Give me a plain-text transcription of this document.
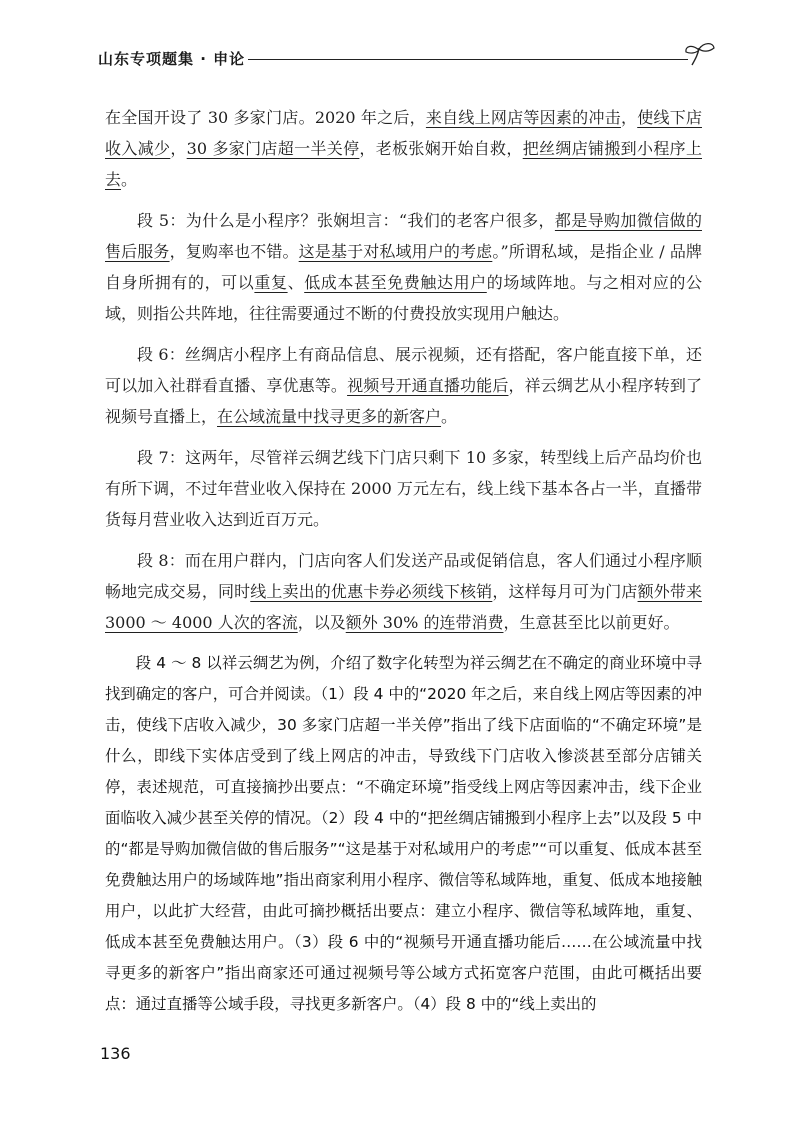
山东专项题集 · 申论

在全国开设了 30 多家门店。2020 年之后，来自线上网店等因素的冲击，使线下店收入减少，30 多家门店超一半关停，老板张娴开始自救，把丝绸店铺搬到小程序上去。

段 5：为什么是小程序？张娴坦言：“我们的老客户很多，都是导购加微信做的售后服务，复购率也不错。这是基于对私域用户的考虑。”所谓私域，是指企业 / 品牌自身所拥有的，可以重复、低成本甚至免费触达用户的场域阵地。与之相对应的公域，则指公共阵地，往往需要通过不断的付费投放实现用户触达。

段 6：丝绸店小程序上有商品信息、展示视频，还有搭配，客户能直接下单，还可以加入社群看直播、享优惠等。视频号开通直播功能后，祥云绸艺从小程序转到了视频号直播上，在公域流量中找寻更多的新客户。

段 7：这两年，尽管祥云绸艺线下门店只剩下 10 多家，转型线上后产品均价也有所下调，不过年营业收入保持在 2000 万元左右，线上线下基本各占一半，直播带货每月营业收入达到近百万元。

段 8：而在用户群内，门店向客人们发送产品或促销信息，客人们通过小程序顺畅地完成交易，同时线上卖出的优惠卡券必须线下核销，这样每月可为门店额外带来 3000 ～ 4000 人次的客流，以及额外 30% 的连带消费，生意甚至比以前更好。

段 4 ～ 8 以祥云绸艺为例，介绍了数字化转型为祥云绸艺在不确定的商业环境中寻找到确定的客户，可合并阅读。（1）段 4 中的“2020 年之后，来自线上网店等因素的冲击，使线下店收入减少，30 多家门店超一半关停”指出了线下店面临的“不确定环境”是什么，即线下实体店受到了线上网店的冲击，导致线下门店收入惨淡甚至部分店铺关停，表述规范，可直接摘抄出要点：“不确定环境”指受线上网店等因素冲击，线下企业面临收入减少甚至关停的情况。（2）段 4 中的“把丝绸店铺搬到小程序上去”以及段 5 中的“都是导购加微信做的售后服务”“这是基于对私域用户的考虑”“可以重复、低成本甚至免费触达用户的场域阵地”指出商家利用小程序、微信等私域阵地，重复、低成本地接触用户，以此扩大经营，由此可摘抄概括出要点：建立小程序、微信等私域阵地，重复、低成本甚至免费触达用户。（3）段 6 中的“视频号开通直播功能后……在公域流量中找寻更多的新客户”指出商家还可通过视频号等公域方式拓宽客户范围，由此可概括出要点：通过直播等公域手段，寻找更多新客户。（4）段 8 中的“线上卖出的

136
